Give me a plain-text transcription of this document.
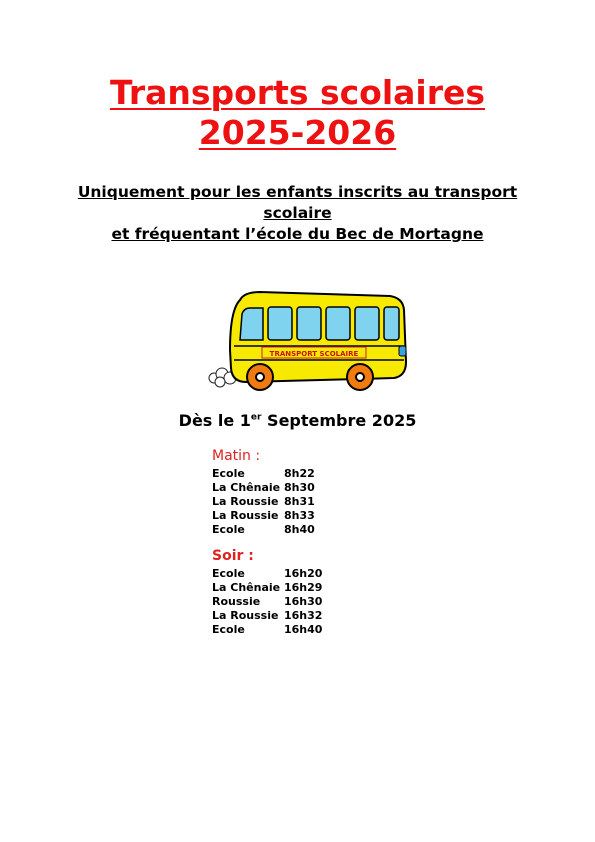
Transports scolaires
2025-2026

Uniquement pour les enfants inscrits au transport scolaire

et fréquentant l’école du Bec de Mortagne

TRANSPORT SCOLAIRE
Dès le 1er Septembre 2025
Matin :
Ecole	8h22
La Chênaie 8h30
La Roussie 8h31
La Roussie 8h33
Ecole	8h40
Soir :
Ecole	16h20
La Chênaie 16h29
Roussie	16h30
La Roussie 16h32
Ecole	16h40
